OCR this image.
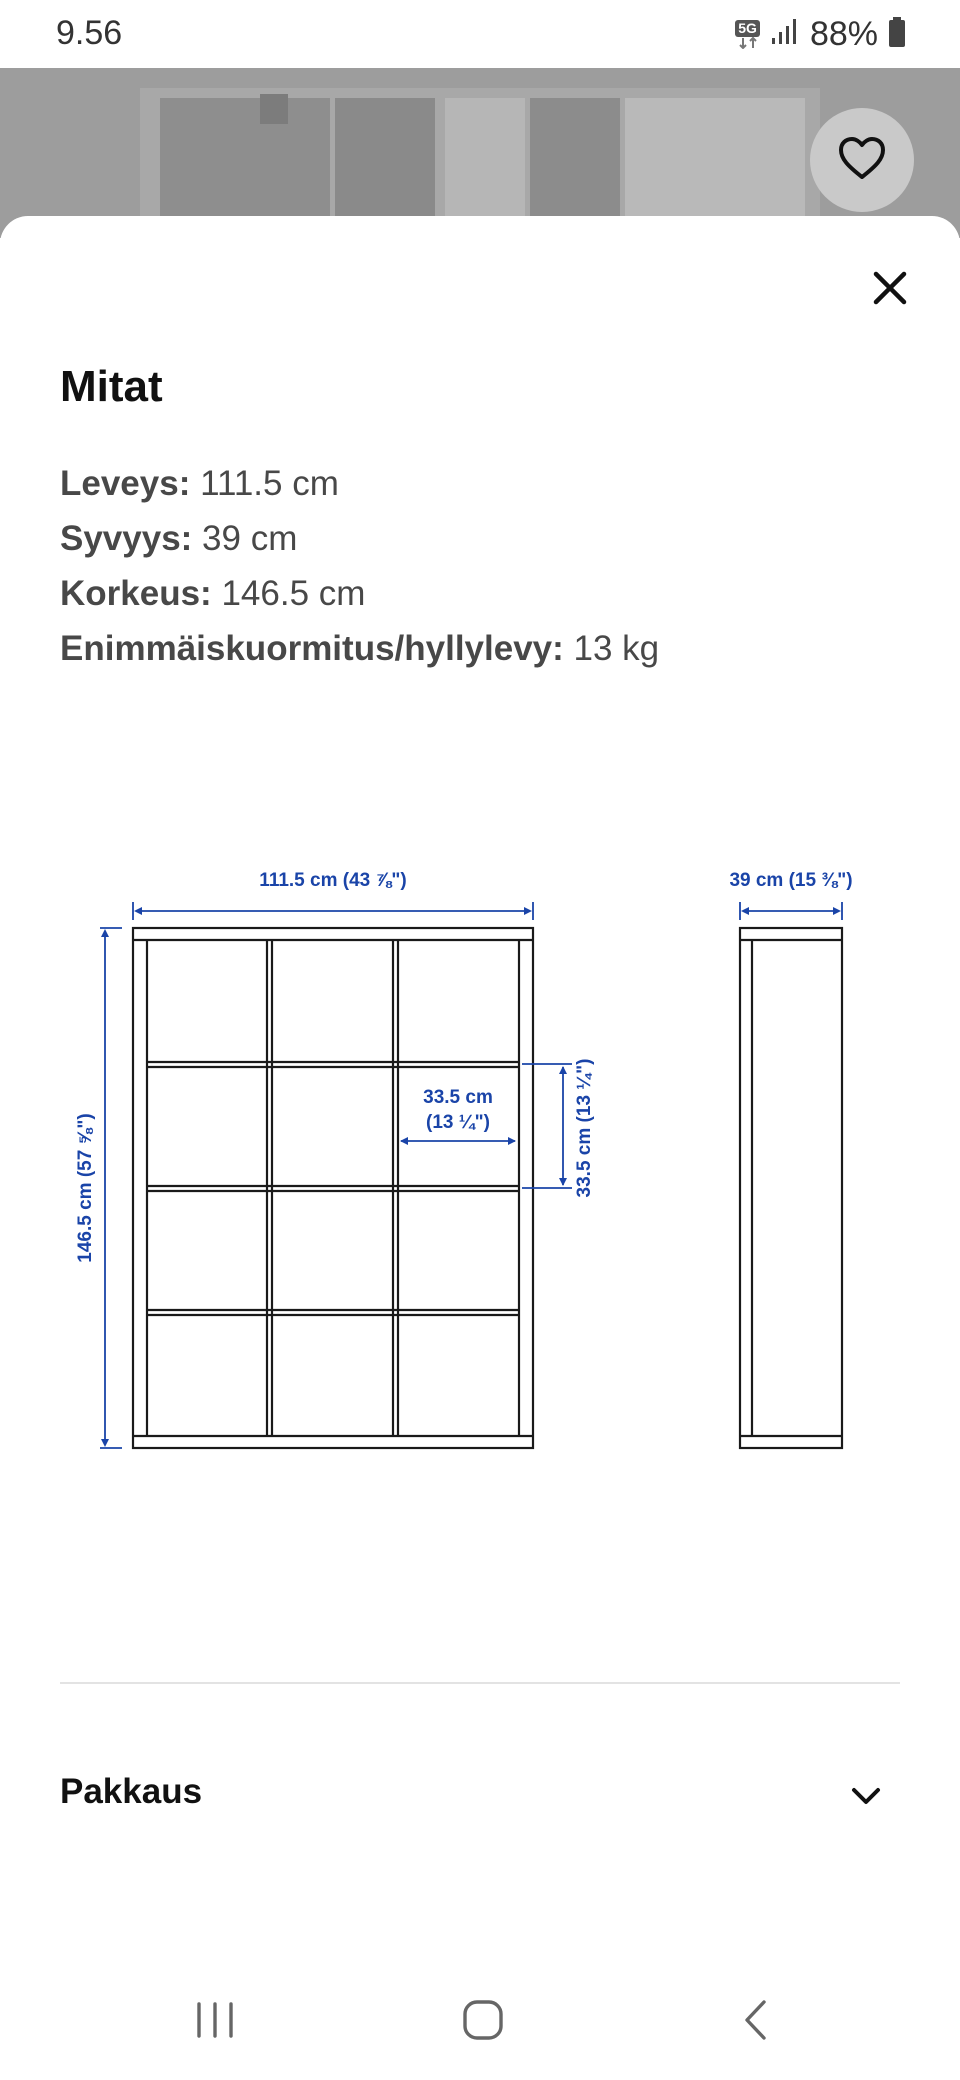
9.56	5G 88%
Mitat
Leveys: 111.5 cm
Syvyys: 39 cm
Korkeus: 146.5 cm
Enimmäiskuormitus/hyllylevy: 13 kg
111.5 cm (43 ⅞")	39 cm (15 ⅜")
146.5 cm (57 ⅝")
33.5 cm
(13 ¼")	33.5 cm (13 ¼")
Pakkaus
